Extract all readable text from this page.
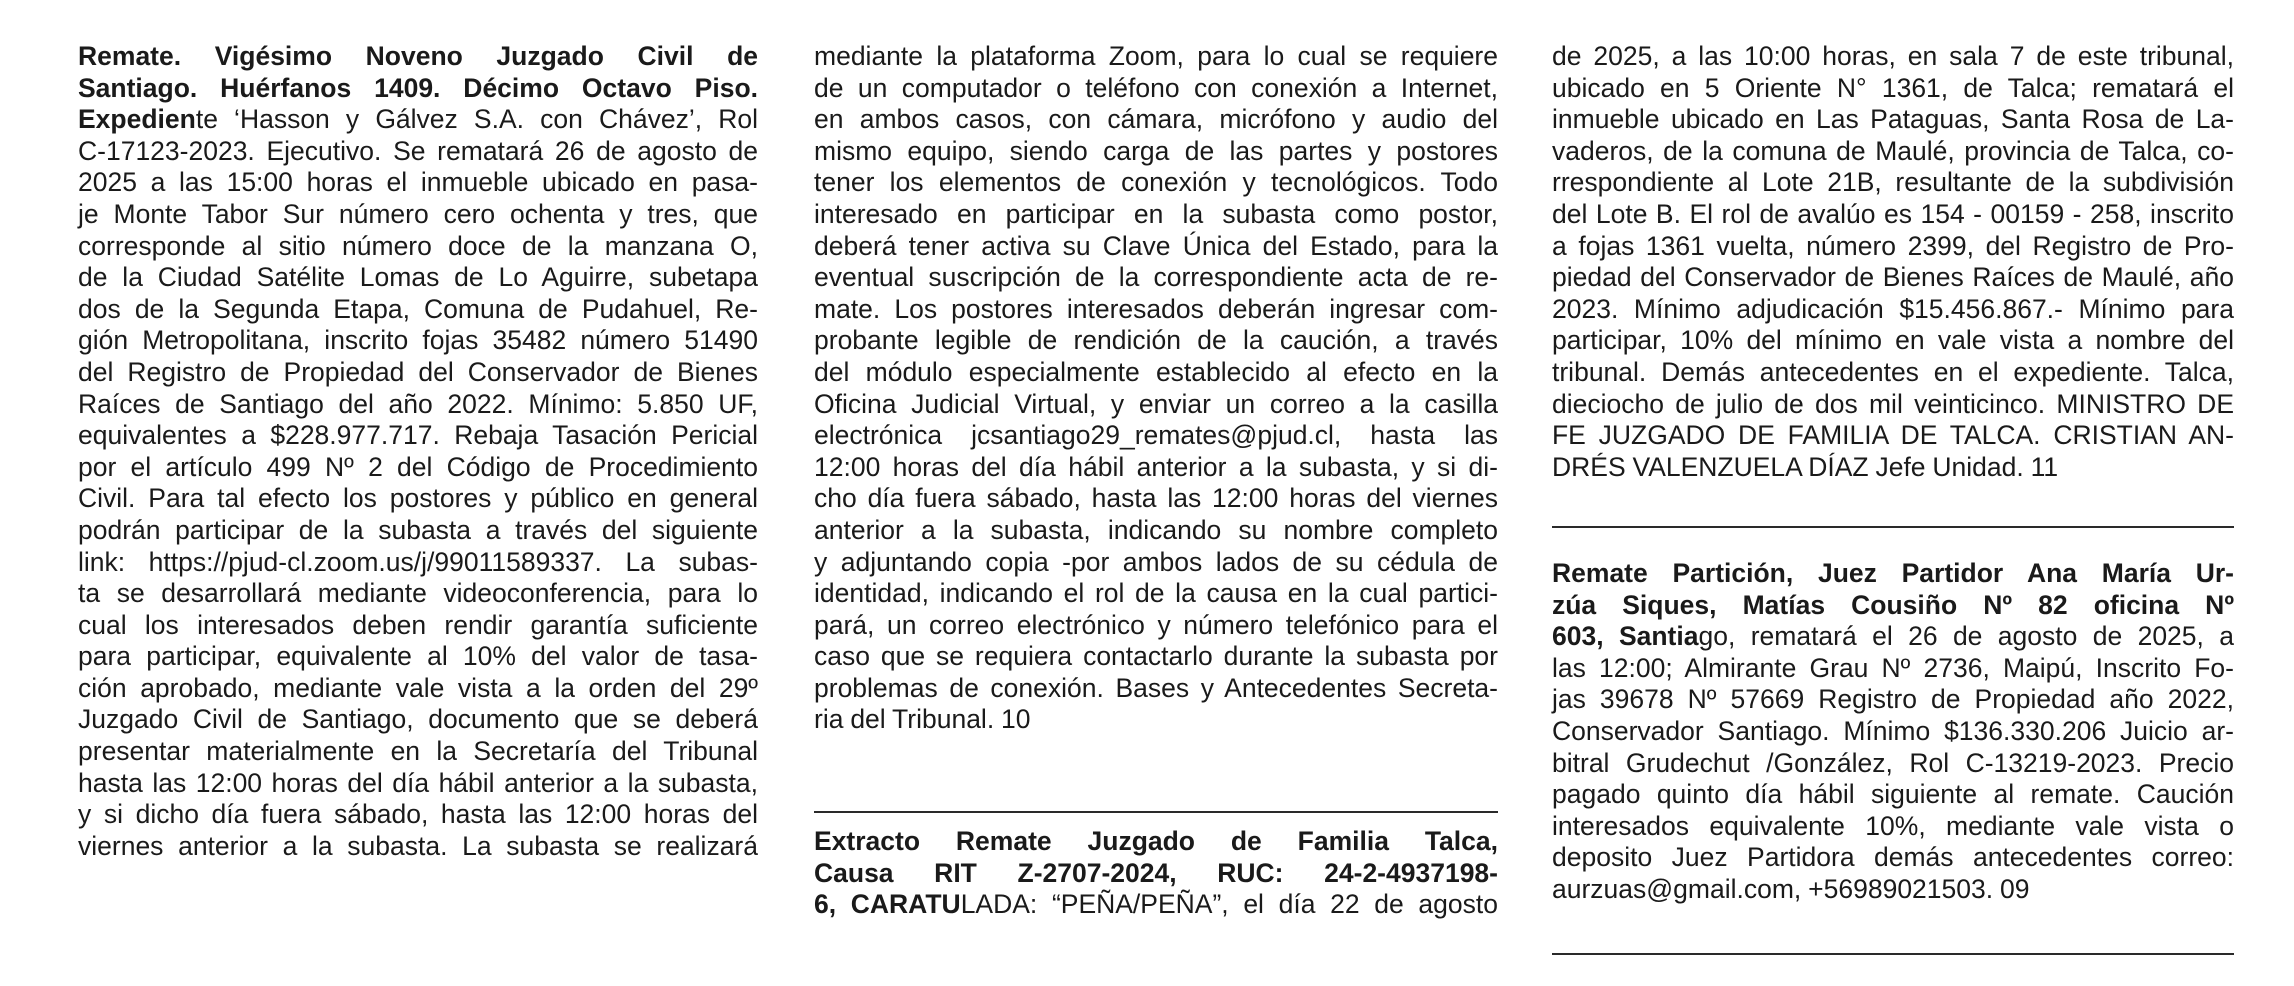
Remate. Vigésimo Noveno Juzgado Civil de
Santiago. Huérfanos 1409. Décimo Octavo Piso.
Expediente ‘Hasson y Gálvez S.A. con Chávez’, Rol
C-17123-2023. Ejecutivo. Se rematará 26 de agosto de
2025 a las 15:00 horas el inmueble ubicado en pasa-
je Monte Tabor Sur número cero ochenta y tres, que
corresponde al sitio número doce de la manzana O,
de la Ciudad Satélite Lomas de Lo Aguirre, subetapa
dos de la Segunda Etapa, Comuna de Pudahuel, Re-
gión Metropolitana, inscrito fojas 35482 número 51490
del Registro de Propiedad del Conservador de Bienes
Raíces de Santiago del año 2022. Mínimo: 5.850 UF,
equivalentes a $228.977.717. Rebaja Tasación Pericial
por el artículo 499 Nº 2 del Código de Procedimiento
Civil. Para tal efecto los postores y público en general
podrán participar de la subasta a través del siguiente
link: https://pjud-cl.zoom.us/j/99011589337. La subas-
ta se desarrollará mediante videoconferencia, para lo
cual los interesados deben rendir garantía suficiente
para participar, equivalente al 10% del valor de tasa-
ción aprobado, mediante vale vista a la orden del 29º
Juzgado Civil de Santiago, documento que se deberá
presentar materialmente en la Secretaría del Tribunal
hasta las 12:00 horas del día hábil anterior a la subasta,
y si dicho día fuera sábado, hasta las 12:00 horas del
viernes anterior a la subasta. La subasta se realizará
mediante la plataforma Zoom, para lo cual se requiere
de un computador o teléfono con conexión a Internet,
en ambos casos, con cámara, micrófono y audio del
mismo equipo, siendo carga de las partes y postores
tener los elementos de conexión y tecnológicos. Todo
interesado en participar en la subasta como postor,
deberá tener activa su Clave Única del Estado, para la
eventual suscripción de la correspondiente acta de re-
mate. Los postores interesados deberán ingresar com-
probante legible de rendición de la caución, a través
del módulo especialmente establecido al efecto en la
Oficina Judicial Virtual, y enviar un correo a la casilla
electrónica jcsantiago29_remates@pjud.cl, hasta las
12:00 horas del día hábil anterior a la subasta, y si di-
cho día fuera sábado, hasta las 12:00 horas del viernes
anterior a la subasta, indicando su nombre completo
y adjuntando copia -por ambos lados de su cédula de
identidad, indicando el rol de la causa en la cual partici-
pará, un correo electrónico y número telefónico para el
caso que se requiera contactarlo durante la subasta por
problemas de conexión. Bases y Antecedentes Secreta-
ria del Tribunal. 10
Extracto Remate Juzgado de Familia Talca,
Causa RIT Z-2707-2024, RUC: 24-2-4937198-
6, CARATULADA: “PEÑA/PEÑA”, el día 22 de agosto
de 2025, a las 10:00 horas, en sala 7 de este tribunal,
ubicado en 5 Oriente N° 1361, de Talca; rematará el
inmueble ubicado en Las Pataguas, Santa Rosa de La-
vaderos, de la comuna de Maulé, provincia de Talca, co-
rrespondiente al Lote 21B, resultante de la subdivisión
del Lote B. El rol de avalúo es 154 - 00159 - 258, inscrito
a fojas 1361 vuelta, número 2399, del Registro de Pro-
piedad del Conservador de Bienes Raíces de Maulé, año
2023. Mínimo adjudicación $15.456.867.- Mínimo para
participar, 10% del mínimo en vale vista a nombre del
tribunal. Demás antecedentes en el expediente. Talca,
dieciocho de julio de dos mil veinticinco. MINISTRO DE
FE JUZGADO DE FAMILIA DE TALCA. CRISTIAN AN-
DRÉS VALENZUELA DÍAZ Jefe Unidad. 11
Remate Partición, Juez Partidor Ana María Ur-
zúa Siques, Matías Cousiño Nº 82 oficina Nº
603, Santiago, rematará el 26 de agosto de 2025, a
las 12:00; Almirante Grau Nº 2736, Maipú, Inscrito Fo-
jas 39678 Nº 57669 Registro de Propiedad año 2022,
Conservador Santiago. Mínimo $136.330.206 Juicio ar-
bitral Grudechut /González, Rol C-13219-2023. Precio
pagado quinto día hábil siguiente al remate. Caución
interesados equivalente 10%, mediante vale vista o
deposito Juez Partidora demás antecedentes correo:
aurzuas@gmail.com, +56989021503. 09
